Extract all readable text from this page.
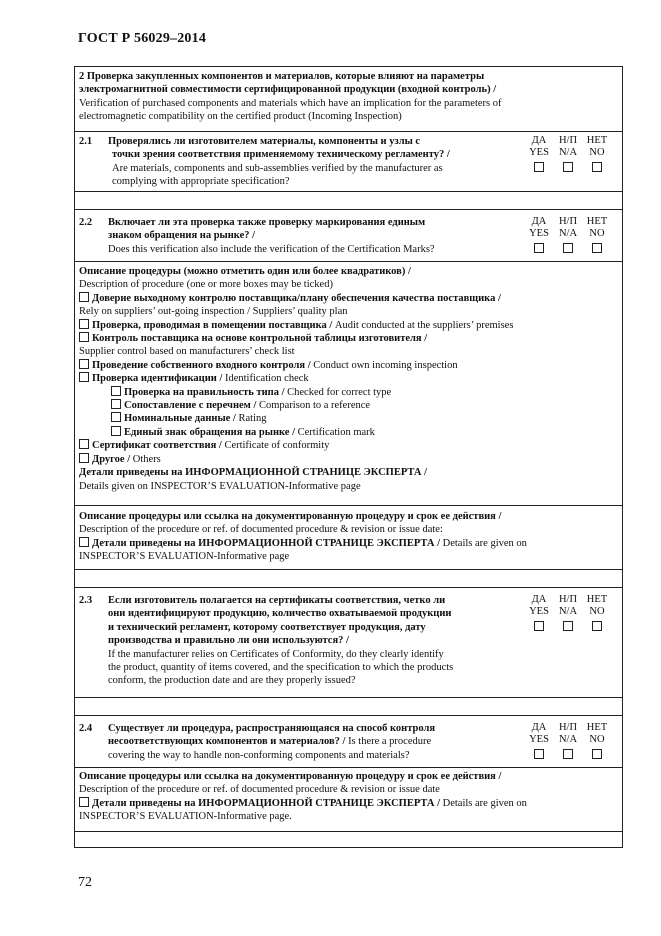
ГОСТ Р 56029–2014
2 Проверка закупленных компонентов и материалов, которые влияют на параметры
электромагнитной совместимости сертифицированной продукции (входной контроль) /
Verification of purchased components and materials which have an implication for the parameters of
electromagnetic compatibility on the certified product (Incoming Inspection)
2.1 Проверялись ли изготовителем материалы, компоненты и узлы с
точки зрения соответствия применяемому техническому регламенту? /
Are materials, components and sub-assemblies verified by the manufacturer as
complying with appropriate specification?
ДА
YES
Н/П
N/A
НЕТ
NO
2.2 Включает ли эта проверка также проверку маркирования единым
знаком обращения на рынке? /
Does this verification also include the verification of the Certification Marks?
ДА
YES
Н/П
N/A
НЕТ
NO
Описание процедуры (можно отметить один или более квадратиков) /
Description of procedure (one or more boxes may be ticked)
Доверие выходному контролю поставщика/плану обеспечения качества поставщика /
Rely on suppliers’ out-going inspection / Suppliers’ quality plan
Проверка, проводимая в помещении поставщика / Audit conducted at the suppliers’ premises
Контроль поставщика на основе контрольной таблицы изготовителя /
Supplier control based on manufacturers’ check list
Проведение собственного входного контроля / Conduct own incoming inspection
Проверка идентификации / Identification check
Проверка на правильность типа / Checked for correct type
Сопоставление с перечнем / Comparison to a reference
Номинальные данные / Rating
Единый знак обращения на рынке / Certification mark
Сертификат соответствия / Certificate of conformity
Другое / Others
Детали приведены на ИНФОРМАЦИОННОЙ СТРАНИЦЕ ЭКСПЕРТА /
Details given on INSPECTOR’S EVALUATION-Informative page
Описание процедуры или ссылка на документированную процедуру и срок ее действия /
Description of the procedure or ref. of documented procedure & revision or issue date:
Детали приведены на ИНФОРМАЦИОННОЙ СТРАНИЦЕ ЭКСПЕРТА / Details are given on
INSPECTOR’S EVALUATION-Informative page
2.3 Если изготовитель полагается на сертификаты соответствия, четко ли
они идентифицируют продукцию, количество охватываемой продукции
и технический регламент, которому соответствует продукция, дату
производства и правильно ли они используются? /
If the manufacturer relies on Certificates of Conformity, do they clearly identify
the product, quantity of items covered, and the specification to which the products
conform, the production date and are they properly issued?
ДА
YES
Н/П
N/A
НЕТ
NO
2.4 Существует ли процедура, распространяющаяся на способ контроля
несоответствующих компонентов и материалов? / Is there a procedure
covering the way to handle non-conforming components and materials?
ДА
YES
Н/П
N/A
НЕТ
NO
Описание процедуры или ссылка на документированную процедуру и срок ее действия /
Description of the procedure or ref. of documented procedure & revision or issue date
Детали приведены на ИНФОРМАЦИОННОЙ СТРАНИЦЕ ЭКСПЕРТА / Details are given on
INSPECTOR’S EVALUATION-Informative page.
72
